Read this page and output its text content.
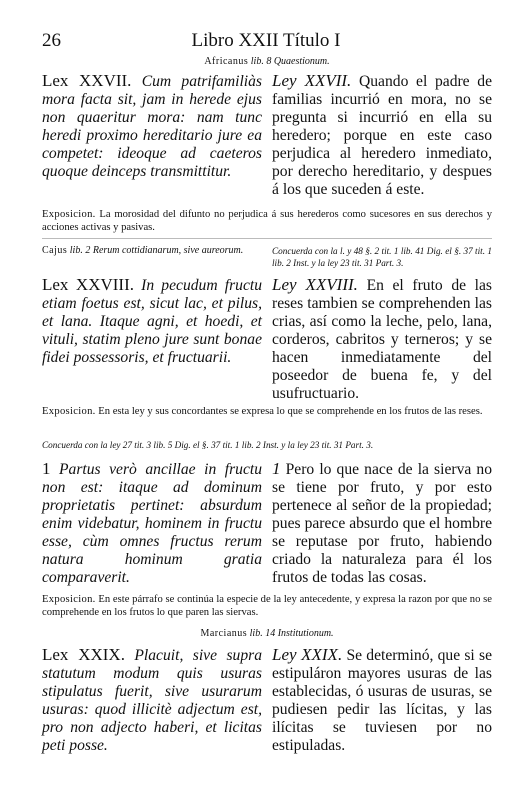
26	Libro XXII Título I
Africanus lib. 8 Quaestionum.
Lex XXVII. Cum patrifamiliàs mora facta sit, jam in herede ejus non quaeritur mora: nam tunc heredi proximo hereditario jure ea competet: ideoque ad caeteros quoque deinceps transmittitur.
Ley XXVII. Quando el padre de familias incurrió en mora, no se pregunta si incurrió en ella su heredero; porque en este caso perjudica al heredero inmediato, por derecho hereditario, y despues á los que suceden á este.
Exposicion. La morosidad del difunto no perjudica á sus herederos como sucesores en sus derechos y acciones activas y pasivas.
Cajus lib. 2 Rerum cottidianarum, sive aureorum.	Concuerda con la l. y 48 §. 2 tit. 1 lib. 41 Dig. el §. 37 tit. 1 lib. 2 Inst. y la ley 23 tit. 31 Part. 3.
Lex XXVIII. In pecudum fructu etiam foetus est, sicut lac, et pilus, et lana. Itaque agni, et hoedi, et vituli, statim pleno jure sunt bonae fidei possessoris, et fructuarii.
Ley XXVIII. En el fruto de las reses tambien se comprehenden las crias, así como la leche, pelo, lana, corderos, cabritos y terneros; y se hacen inmediatamente del poseedor de buena fe, y del usufructuario.
Exposicion. En esta ley y sus concordantes se expresa lo que se comprehende en los frutos de las reses.
Concuerda con la ley 27 tit. 3 lib. 5 Dig. el §. 37 tit. 1 lib. 2 Inst. y la ley 23 tit. 31 Part. 3.
1 Partus verò ancillae in fructu non est: itaque ad dominum proprietatis pertinet: absurdum enim videbatur, hominem in fructu esse, cùm omnes fructus rerum natura hominum gratia comparaverit.
1 Pero lo que nace de la sierva no se tiene por fruto, y por esto pertenece al señor de la propiedad; pues parece absurdo que el hombre se reputase por fruto, habiendo criado la naturaleza para él los frutos de todas las cosas.
Exposicion. En este párrafo se continúa la especie de la ley antecedente, y expresa la razon por que no se comprehende en los frutos lo que paren las siervas.
Marcianus lib. 14 Institutionum.
Lex XXIX. Placuit, sive supra statutum modum quis usuras stipulatus fuerit, sive usurarum usuras: quod illicitè adjectum est, pro non adjecto haberi, et licitas peti posse.
Ley XXIX. Se determinó, que si se estipuláron mayores usuras de las establecidas, ó usuras de usuras, se pudiesen pedir las lícitas, y las ilícitas se tuviesen por no estipuladas.
